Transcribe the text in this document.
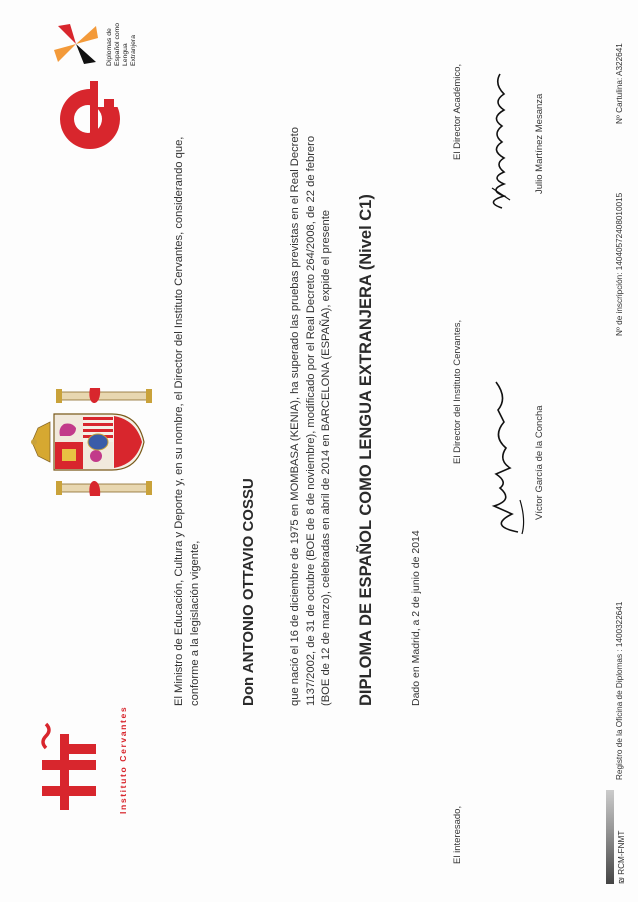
Instituto Cervantes
Diplomas de Español como Lengua Extranjera
El Ministro de Educación, Cultura y Deporte y, en su nombre, el Director del Instituto Cervantes, considerando que, conforme a la legislación vigente,	Don ANTONIO OTTAVIO COSSU	que nació el 16 de diciembre de 1975 en MOMBASA (KENIA), ha superado las pruebas previstas en el Real Decreto 1137/2002, de 31 de octubre (BOE de 8 de noviembre), modificado por el Real Decreto 264/2008, de 22 de febrero (BOE de 12 de marzo), celebradas en abril de 2014 en BARCELONA (ESPAÑA), expide el presente DIPLOMA DE ESPAÑOL COMO LENGUA EXTRANJERA (Nivel C1)	Dado en Madrid, a 2 de junio de 2014
El interesado,
El Director del Instituto Cervantes,	Víctor García de la Concha
El Director Académico,	Julio Martínez Mesanza
₪ RCM-FNMT
Registro de la Oficina de Diplomas : 1400322641
Nº de inscripción: 14040572408010015
Nº Cartulina: A322641
